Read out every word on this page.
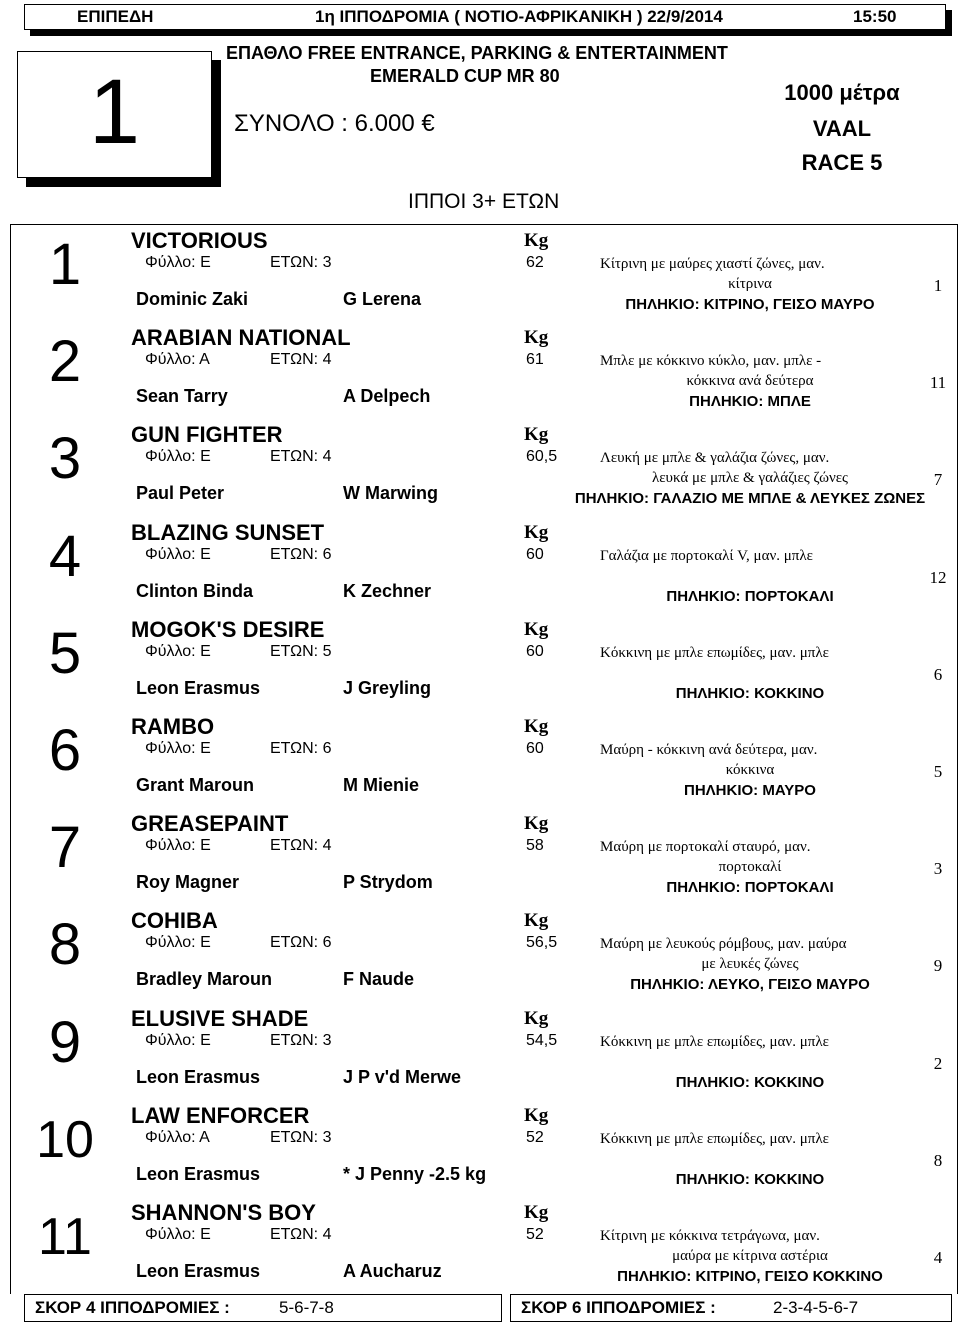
ΕΠΙΠΕΔΗ	1η ΙΠΠΟΔΡΟΜΙΑ ( ΝΟΤΙΟ-ΑΦΡΙΚΑΝΙΚΗ ) 22/9/2014	15:50
1
ΕΠΑΘΛΟ FREE ENTRANCE, PARKING & ENTERTAINMENT
EMERALD CUP MR 80
ΣΥΝΟΛΟ : 6.000 €
1000 μέτρα
VAAL
RACE 5
ΙΠΠΟΙ 3+ ΕΤΩΝ
1	VICTORIOUS	Kg
Φύλλο: Ε	ΕΤΩΝ: 3	62
Dominic Zaki	G Lerena
Κίτρινη με μαύρες χιαστί ζώνες, μαν.
κίτρινα
ΠΗΛΗΚΙΟ: ΚΙΤΡΙΝΟ, ΓΕΙΣΟ ΜΑΥΡΟ
1
2	ARABIAN NATIONAL	Kg
Φύλλο: Α	ΕΤΩΝ: 4	61
Sean Tarry	A Delpech
Μπλε με κόκκινο κύκλο, μαν. μπλε -
κόκκινα ανά δεύτερα
ΠΗΛΗΚΙΟ: ΜΠΛΕ
11
3	GUN FIGHTER	Kg
Φύλλο: Ε	ΕΤΩΝ: 4	60,5
Paul Peter	W Marwing
Λευκή με μπλε & γαλάζια ζώνες, μαν.
λευκά με μπλε & γαλάζιες ζώνες
ΠΗΛΗΚΙΟ: ΓΑΛΑΖΙΟ ΜΕ ΜΠΛΕ & ΛΕΥΚΕΣ ΖΩΝΕΣ
7
4	BLAZING SUNSET	Kg
Φύλλο: Ε	ΕΤΩΝ: 6	60
Clinton Binda	K Zechner
Γαλάζια με πορτοκαλί V, μαν. μπλε
ΠΗΛΗΚΙΟ: ΠΟΡΤΟΚΑΛΙ
12
5	MOGOK'S DESIRE	Kg
Φύλλο: Ε	ΕΤΩΝ: 5	60
Leon Erasmus	J Greyling
Κόκκινη με μπλε επωμίδες, μαν. μπλε
ΠΗΛΗΚΙΟ: ΚΟΚΚΙΝΟ
6
6	RAMBO	Kg
Φύλλο: Ε	ΕΤΩΝ: 6	60
Grant Maroun	M Mienie
Μαύρη - κόκκινη ανά δεύτερα, μαν.
κόκκινα
ΠΗΛΗΚΙΟ: ΜΑΥΡΟ
5
7	GREASEPAINT	Kg
Φύλλο: Ε	ΕΤΩΝ: 4	58
Roy Magner	P Strydom
Μαύρη με πορτοκαλί σταυρό, μαν.
πορτοκαλί
ΠΗΛΗΚΙΟ: ΠΟΡΤΟΚΑΛΙ
3
8	COHIBA	Kg
Φύλλο: Ε	ΕΤΩΝ: 6	56,5
Bradley Maroun	F Naude
Μαύρη με λευκούς ρόμβους, μαν. μαύρα
με λευκές ζώνες
ΠΗΛΗΚΙΟ: ΛΕΥΚΟ, ΓΕΙΣΟ ΜΑΥΡΟ
9
9	ELUSIVE SHADE	Kg
Φύλλο: Ε	ΕΤΩΝ: 3	54,5
Leon Erasmus	J P v'd Merwe
Κόκκινη με μπλε επωμίδες, μαν. μπλε
ΠΗΛΗΚΙΟ: ΚΟΚΚΙΝΟ
2
10	LAW ENFORCER	Kg
Φύλλο: Α	ΕΤΩΝ: 3	52
Leon Erasmus	* J Penny -2.5 kg
Κόκκινη με μπλε επωμίδες, μαν. μπλε
ΠΗΛΗΚΙΟ: ΚΟΚΚΙΝΟ
8
11	SHANNON'S BOY	Kg
Φύλλο: Ε	ΕΤΩΝ: 4	52
Leon Erasmus	A Aucharuz
Κίτρινη με κόκκινα τετράγωνα, μαν.
μαύρα με κίτρινα αστέρια
ΠΗΛΗΚΙΟ: ΚΙΤΡΙΝΟ, ΓΕΙΣΟ ΚΟΚΚΙΝΟ
4
ΣΚΟΡ 4 ΙΠΠΟΔΡΟΜΙΕΣ :	5-6-7-8	ΣΚΟΡ 6 ΙΠΠΟΔΡΟΜΙΕΣ :	2-3-4-5-6-7
